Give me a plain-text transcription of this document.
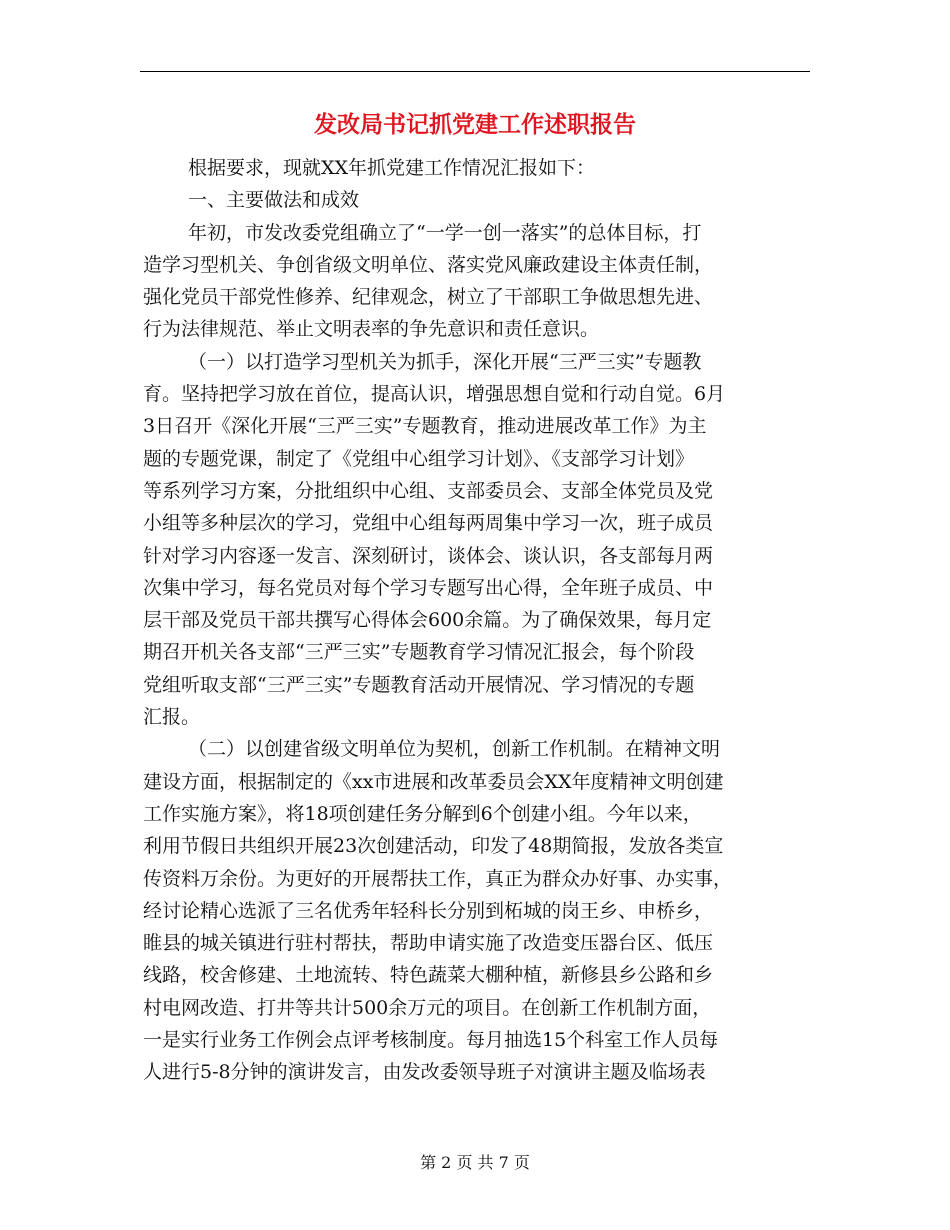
发改局书记抓党建工作述职报告
根据要求，现就XX年抓党建工作情况汇报如下：
一、主要做法和成效
年初，市发改委党组确立了“一学一创一落实”的总体目标，打
造学习型机关、争创省级文明单位、落实党风廉政建设主体责任制，
强化党员干部党性修养、纪律观念，树立了干部职工争做思想先进、
行为法律规范、举止文明表率的争先意识和责任意识。
（一）以打造学习型机关为抓手，深化开展“三严三实”专题教
育。坚持把学习放在首位，提高认识，增强思想自觉和行动自觉。6月
3日召开《深化开展“三严三实”专题教育，推动进展改革工作》为主
题的专题党课，制定了《党组中心组学习计划》、《支部学习计划》
等系列学习方案，分批组织中心组、支部委员会、支部全体党员及党
小组等多种层次的学习，党组中心组每两周集中学习一次，班子成员
针对学习内容逐一发言、深刻研讨，谈体会、谈认识，各支部每月两
次集中学习，每名党员对每个学习专题写出心得，全年班子成员、中
层干部及党员干部共撰写心得体会600余篇。为了确保效果，每月定
期召开机关各支部“三严三实”专题教育学习情况汇报会，每个阶段
党组听取支部“三严三实”专题教育活动开展情况、学习情况的专题
汇报。
（二）以创建省级文明单位为契机，创新工作机制。在精神文明
建设方面，根据制定的《xx市进展和改革委员会XX年度精神文明创建
工作实施方案》，将18项创建任务分解到6个创建小组。今年以来，
利用节假日共组织开展23次创建活动，印发了48期简报，发放各类宣
传资料万余份。为更好的开展帮扶工作，真正为群众办好事、办实事，
经讨论精心选派了三名优秀年轻科长分别到柘城的岗王乡、申桥乡，
睢县的城关镇进行驻村帮扶，帮助申请实施了改造变压器台区、低压
线路，校舍修建、土地流转、特色蔬菜大棚种植，新修县乡公路和乡
村电网改造、打井等共计500余万元的项目。在创新工作机制方面，
一是实行业务工作例会点评考核制度。每月抽选15个科室工作人员每
人进行5-8分钟的演讲发言，由发改委领导班子对演讲主题及临场表
第 2 页 共 7 页
